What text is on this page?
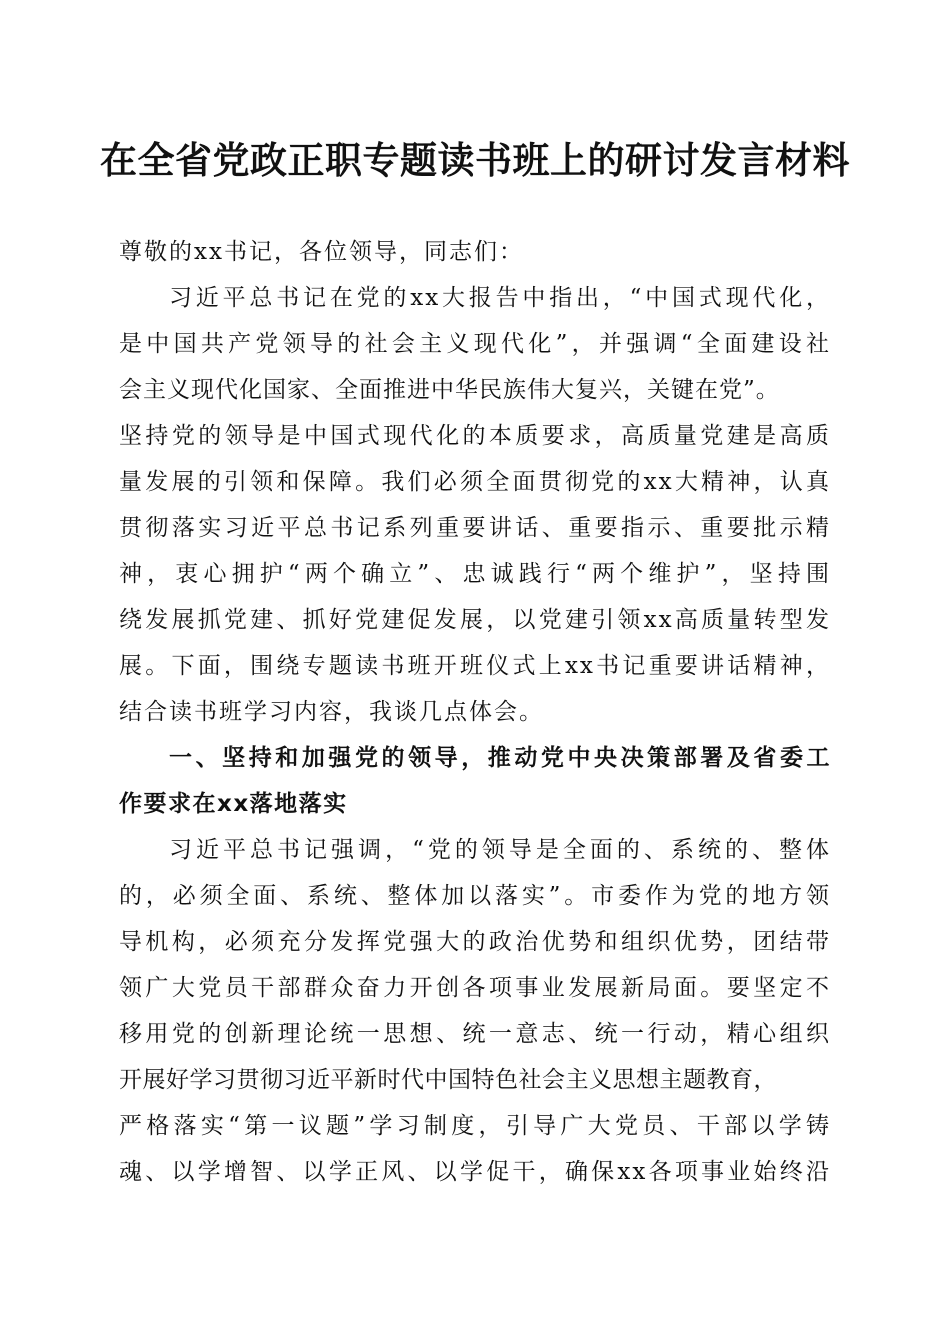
在全省党政正职专题读书班上的研讨发言材料
尊敬的xx书记，各位领导，同志们：
习近平总书记在党的xx大报告中指出，“中国式现代化，
是中国共产党领导的社会主义现代化”，并强调“全面建设社
会主义现代化国家、全面推进中华民族伟大复兴，关键在党”。
坚持党的领导是中国式现代化的本质要求，高质量党建是高质
量发展的引领和保障。我们必须全面贯彻党的xx大精神，认真
贯彻落实习近平总书记系列重要讲话、重要指示、重要批示精
神，衷心拥护“两个确立”、忠诚践行“两个维护”，坚持围
绕发展抓党建、抓好党建促发展，以党建引领xx高质量转型发
展。下面，围绕专题读书班开班仪式上xx书记重要讲话精神，
结合读书班学习内容，我谈几点体会。
一、坚持和加强党的领导，推动党中央决策部署及省委工
作要求在xx落地落实
习近平总书记强调，“党的领导是全面的、系统的、整体
的，必须全面、系统、整体加以落实”。市委作为党的地方领
导机构，必须充分发挥党强大的政治优势和组织优势，团结带
领广大党员干部群众奋力开创各项事业发展新局面。要坚定不
移用党的创新理论统一思想、统一意志、统一行动，精心组织
开展好学习贯彻习近平新时代中国特色社会主义思想主题教育，
严格落实“第一议题”学习制度，引导广大党员、干部以学铸
魂、以学增智、以学正风、以学促干，确保xx各项事业始终沿
